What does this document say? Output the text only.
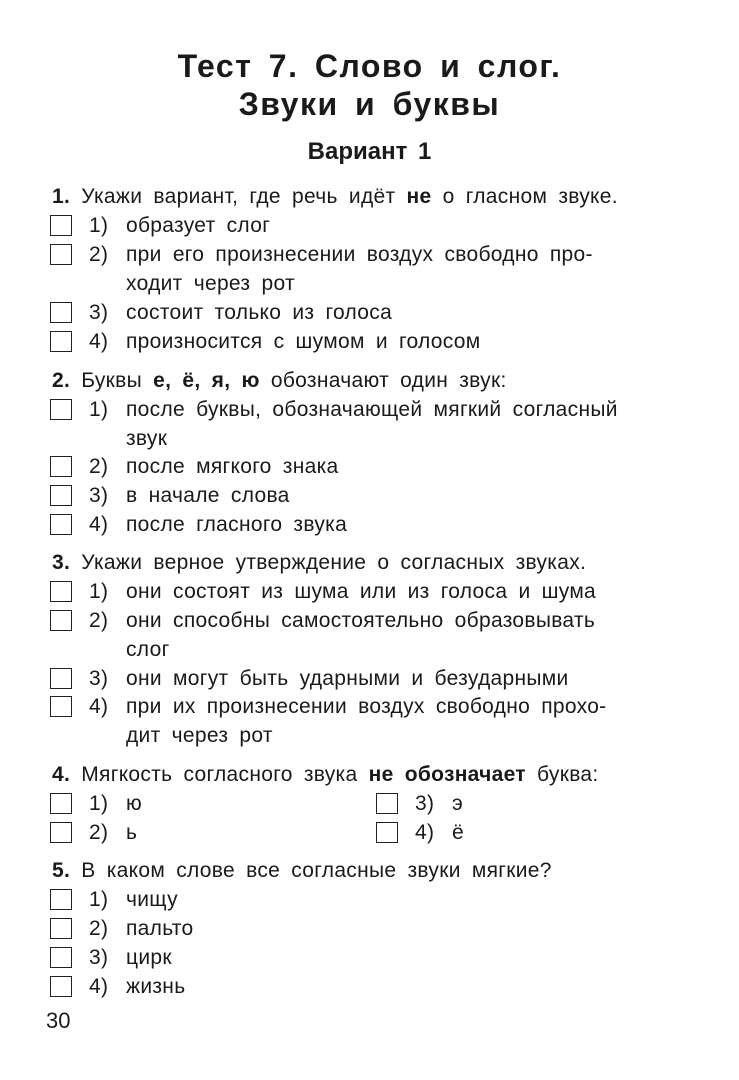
Тест 7. Слово и слог.
Звуки и буквы
Вариант 1
1. Укажи вариант, где речь идёт не о гласном звуке.
1) образует слог
2) при его произнесении воздух свободно про-
ходит через рот
3) состоит только из голоса
4) произносится с шумом и голосом
2. Буквы е, ё, я, ю обозначают один звук:
1) после буквы, обозначающей мягкий согласный
звук
2) после мягкого знака
3) в начале слова
4) после гласного звука
3. Укажи верное утверждение о согласных звуках.
1) они состоят из шума или из голоса и шума
2) они способны самостоятельно образовывать
слог
3) они могут быть ударными и безударными
4) при их произнесении воздух свободно прохо-
дит через рот
4. Мягкость согласного звука не обозначает буква:
1) ю
2) ь
3) э
4) ё
5. В каком слове все согласные звуки мягкие?
1) чищу
2) пальто
3) цирк
4) жизнь
30
